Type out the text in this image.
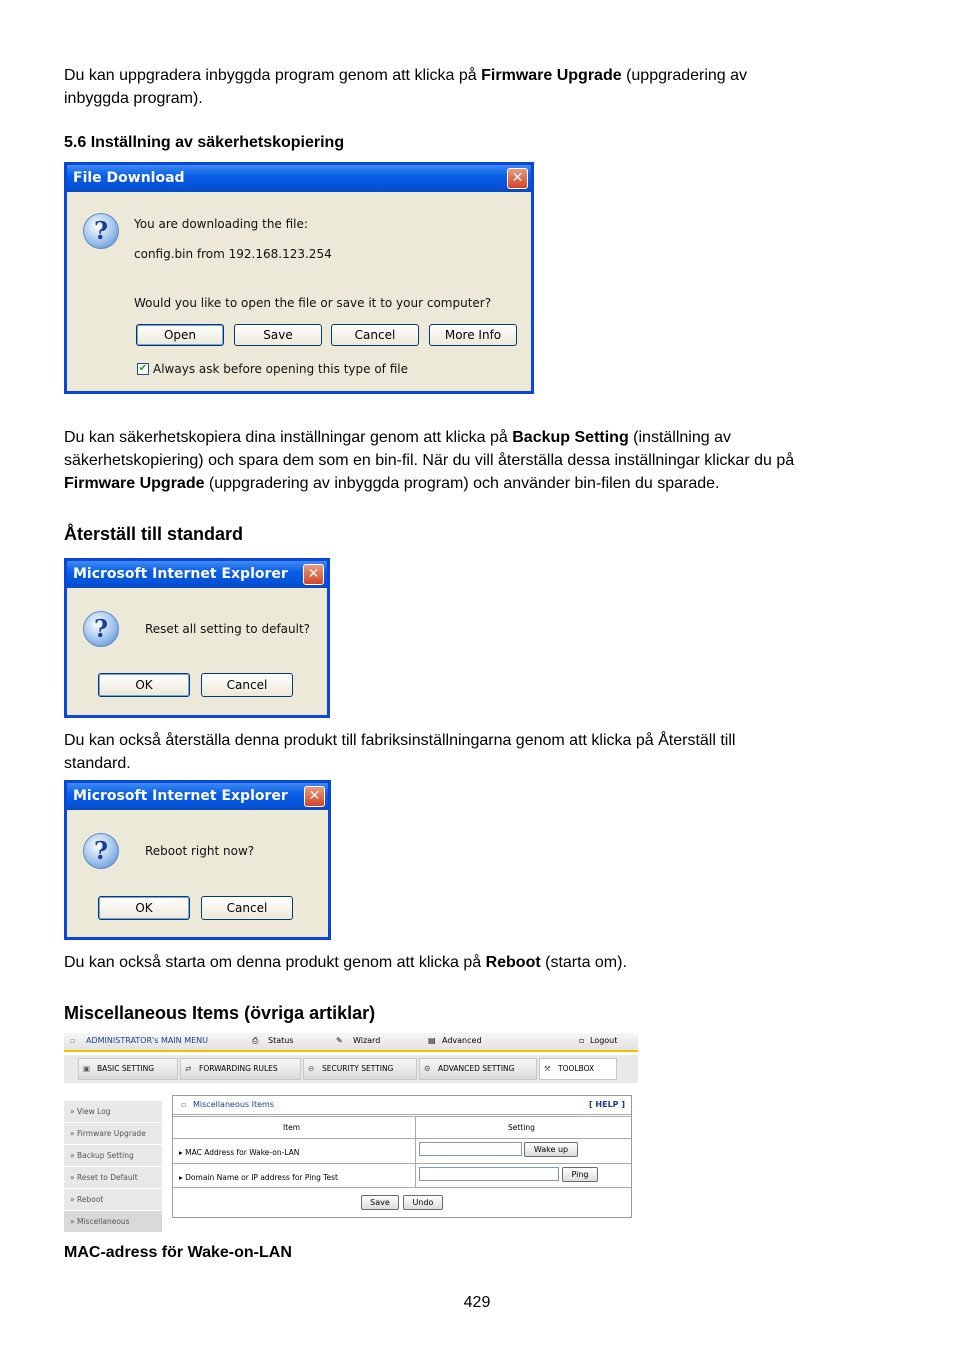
Du kan uppgradera inbyggda program genom att klicka på Firmware Upgrade (uppgradering av
inbyggda program).
5.6 Inställning av säkerhetskopiering
File Download	✕
?	You are downloading the file:
config.bin from 192.168.123.254
Would you like to open the file or save it to your computer?
Open	Save	Cancel	More Info
✔ Always ask before opening this type of file
Du kan säkerhetskopiera dina inställningar genom att klicka på Backup Setting (inställning av
säkerhetskopiering) och spara dem som en bin-fil. När du vill återställa dessa inställningar klickar du på
Firmware Upgrade (uppgradering av inbyggda program) och använder bin-filen du sparade.
Återställ till standard
Microsoft Internet Explorer	✕
?	Reset all setting to default?
OK	Cancel
Du kan också återställa denna produkt till fabriksinställningarna genom att klicka på Återställ till
standard.
Microsoft Internet Explorer	✕
?	Reboot right now?
OK	Cancel
Du kan också starta om denna produkt genom att klicka på Reboot (starta om).
Miscellaneous Items (övriga artiklar)
▫ ADMINISTRATOR's MAIN MENU	⎙ Status	✎ Wizard	▤ Advanced	▫ Logout
▣ BASIC SETTING	⇄ FORWARDING RULES	⊖ SECURITY SETTING	⚙ ADVANCED SETTING	⚒ TOOLBOX
» View Log
» Firmware Upgrade
» Backup Setting
» Reset to Default
» Reboot
» Miscellaneous
▫ Miscellaneous Items	[ HELP ]
Item	Setting
▸ MAC Address for Wake-on-LAN	Wake up
▸ Domain Name or IP address for Ping Test	Ping
Save	Undo
MAC-adress för Wake-on-LAN
429
